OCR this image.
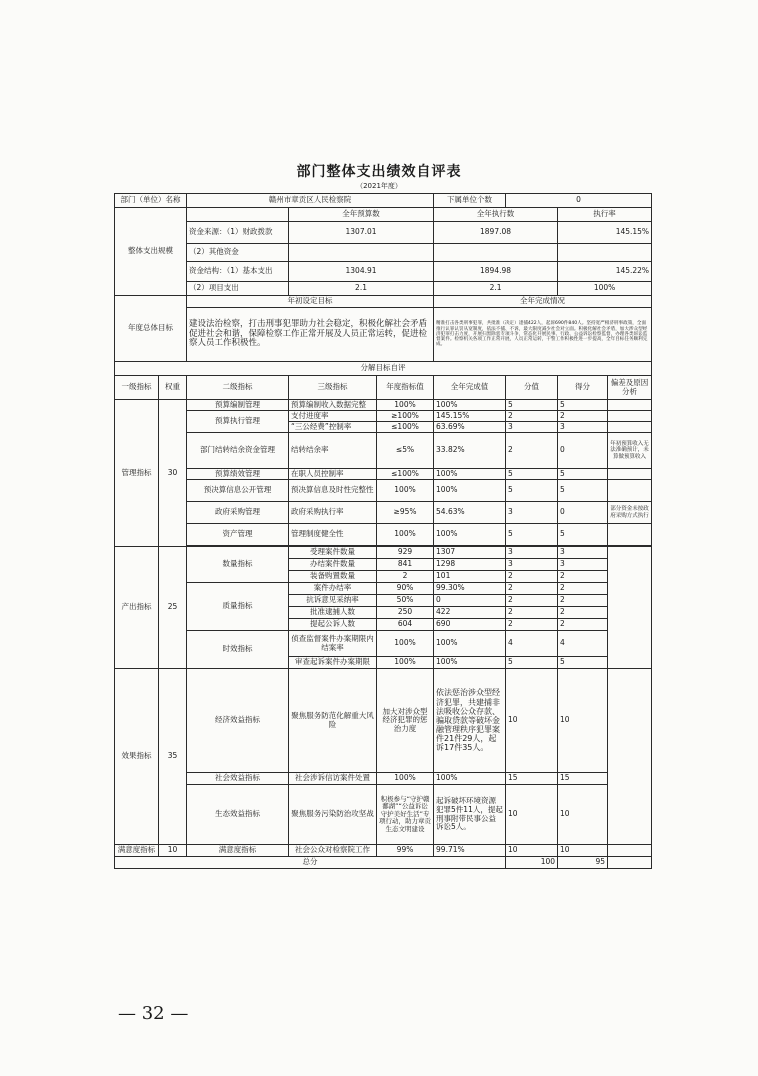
部门整体支出绩效自评表
（2021年度）
部门（单位）名称		赣州市章贡区人民检察院			下属单位个数	0		
整体支出规模			全年预算数		全年执行数		执行率	
		资金来源：（1）财政拨款	1307.01		1897.08		145.15%	
		（2）其他资金						
		资金结构：（1）基本支出	1304.91		1894.98		145.22%	
		（2）项目支出	2.1		2.1		100%	
年度总体目标		年初设定目标			全年完成情况			
		建设法治检察，打击刑事犯罪助力社会稳定，积极化解社会矛盾促进社会和谐，保障检察工作正常开展及人员正常运转，促进检察人员工作积极性。			精准打击各类刑事犯罪，共批准（决定）逮捕422人，起诉690件840人。坚持宽严相济刑事政策，全面推行认罪认罚从宽制度，依法不捕、不诉，最大限度减少社会对立面。积极化解社会矛盾，加大涉众型经济犯罪打击力度，开展扫黑除恶专项斗争，常态化开展民事、行政、公益诉讼检察监督，办理各类诉讼监督案件。检察机关各项工作正常开展，人员正常运转，干警工作积极性进一步提高，全年目标任务顺利完成。			
分解目标自评								
一级指标	权重	二级指标	三级指标	年度指标值	全年完成值	分值	得分	偏差及原因分析
管理指标	30	预算编制管理	预算编制收入数据完整	100%	100%	5	5	
		预算执行管理	支付进度率	≥100%	145.15%	2	2	
			“三公经费”控制率	≤100%	63.69%	3	3	
		部门结转结余资金管理	结转结余率	≤5%	33.82%	2	0	年初预算收入无法准确预计，未算做预算收入
		预算绩效管理	在职人员控制率	≤100%	100%	5	5	
		预决算信息公开管理	预决算信息及时性完整性	100%	100%	5	5	
		政府采购管理	政府采购执行率	≥95%	54.63%	3	0	部分资金未按政府采购方式执行
		资产管理	管理制度健全性	100%	100%	5	5	

产出指标	25	数量指标	受理案件数量	929	1307	3	3	
			办结案件数量	841	1298	3	3	
			装备购置数量	2	101	2	2	
		质量指标	案件办结率	90%	99.30%	2	2	
			抗诉意见采纳率	50%	0	2	2	
			批准逮捕人数	250	422	2	2	
			提起公诉人数	604	690	2	2	
		时效指标	侦查监督案件办案期限内结案率	100%	100%	4	4	
			审查起诉案件办案期限	100%	100%	5	5	
效果指标	35	经济效益指标	聚焦服务防范化解重大风险	加大对涉众型经济犯罪的惩治力度	依法惩治涉众型经济犯罪，共建捕非法吸收公众存款、骗取贷款等破坏金融管理秩序犯罪案件21件29人，起诉17件35人。	10	10	
		社会效益指标	社会涉诉信访案件处置	100%	100%	15	15	
		生态效益指标	聚焦服务污染防治攻坚战	积极参与“守护赣鄱湖”“公益诉讼守护美好生活”专项行动，助力章贡生态文明建设	起诉破坏环境资源犯罪5件11人，提起刑事附带民事公益诉讼5人。	10	10	
满意度指标	10	满意度指标	社会公众对检察院工作	99%	99.71%	10	10	
总分						100	95	
— 32 —
